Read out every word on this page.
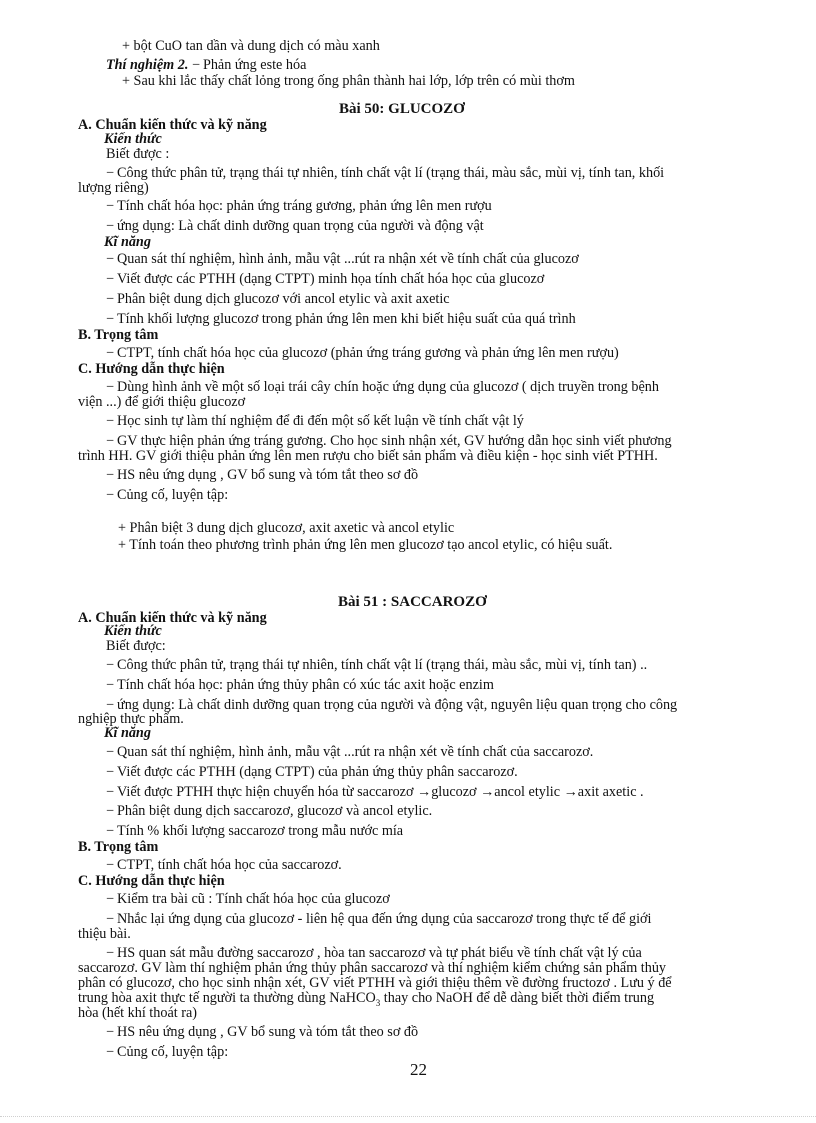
+ bột CuO tan dần và dung dịch có màu xanh
Thí nghiệm 2. − Phản ứng este hóa
+ Sau khi lắc thấy chất lỏng trong ống phân thành hai lớp, lớp trên có mùi thơm
Bài 50: GLUCOZƠ
A. Chuẩn kiến thức và kỹ năng
Kiến thức
Biết được :
− Công thức phân tử, trạng thái tự nhiên, tính chất vật lí (trạng thái, màu sắc, mùi vị, tính tan, khối
lượng riêng)
− Tính chất hóa học: phản ứng tráng gương, phản ứng lên men rượu
− ứng dụng: Là chất dinh dưỡng quan trọng của người và động vật
Kĩ năng
− Quan sát thí nghiệm, hình ảnh, mẫu vật ...rút ra nhận xét về tính chất của glucozơ
− Viết được các PTHH (dạng CTPT) minh họa tính chất hóa học của glucozơ
− Phân biệt dung dịch glucozơ với ancol etylic và axit axetic
− Tính khối lượng glucozơ trong phản ứng lên men khi biết hiệu suất của quá trình
B. Trọng tâm
− CTPT, tính chất hóa học của glucozơ (phản ứng tráng gương và phản ứng lên men rượu)
C. Hướng dẫn thực hiện
− Dùng hình ảnh về một số loại trái cây chín hoặc ứng dụng của glucozơ ( dịch truyền trong bệnh
viện ...) để giới thiệu glucozơ
− Học sinh tự làm thí nghiệm để đi đến một số kết luận về tính chất vật lý
− GV thực hiện phản ứng tráng gương. Cho học sinh nhận xét, GV hướng dẫn học sinh viết phương
trình HH. GV giới thiệu phản ứng lên men rượu cho biết sản phẩm và điều kiện - học sinh viết PTHH.
− HS nêu ứng dụng , GV bổ sung và tóm tắt theo sơ đồ
− Củng cố, luyện tập:
+ Phân biệt 3 dung dịch glucozơ, axit axetic và ancol etylic
+ Tính toán theo phương trình phản ứng lên men glucozơ tạo ancol etylic, có hiệu suất.
Bài 51 : SACCAROZƠ
A. Chuẩn kiến thức và kỹ năng
Kiến thức
Biết được:
− Công thức phân tử, trạng thái tự nhiên, tính chất vật lí (trạng thái, màu sắc, mùi vị, tính tan) ..
− Tính chất hóa học: phản ứng thủy phân có xúc tác axit hoặc enzim
− ứng dụng: Là chất dinh dưỡng quan trọng của người và động vật, nguyên liệu quan trọng cho công
nghiệp thực phẩm.
Kĩ năng
− Quan sát thí nghiệm, hình ảnh, mẫu vật ...rút ra nhận xét về tính chất của saccarozơ.
− Viết được các PTHH (dạng CTPT) của phản ứng thủy phân saccarozơ.
− Viết được PTHH thực hiện chuyển hóa từ saccarozơ →glucozơ →ancol etylic →axit axetic .
− Phân biệt dung dịch saccarozơ, glucozơ và ancol etylic.
− Tính % khối lượng saccarozơ trong mẫu nước mía
B. Trọng tâm
− CTPT, tính chất hóa học của saccarozơ.
C. Hướng dẫn thực hiện
− Kiểm tra bài cũ : Tính chất hóa học của glucozơ
− Nhắc lại ứng dụng của glucozơ - liên hệ qua đến ứng dụng của saccarozơ trong thực tế để giới
thiệu bài.
− HS quan sát mẫu đường saccarozơ , hòa tan saccarozơ và tự phát biểu về tính chất vật lý của
saccarozơ. GV làm thí nghiệm phản ứng thủy phân saccarozơ và thí nghiệm kiểm chứng sản phẩm thủy
phân có glucozơ, cho học sinh nhận xét, GV viết PTHH và giới thiệu thêm về đường fructozơ . Lưu ý để
trung hòa axit thực tế người ta thường dùng NaHCO$_3$ thay cho NaOH để dễ dàng biết thời điểm trung
hòa (hết khí thoát ra)
− HS nêu ứng dụng , GV bổ sung và tóm tắt theo sơ đồ
− Củng cố, luyện tập:
22
